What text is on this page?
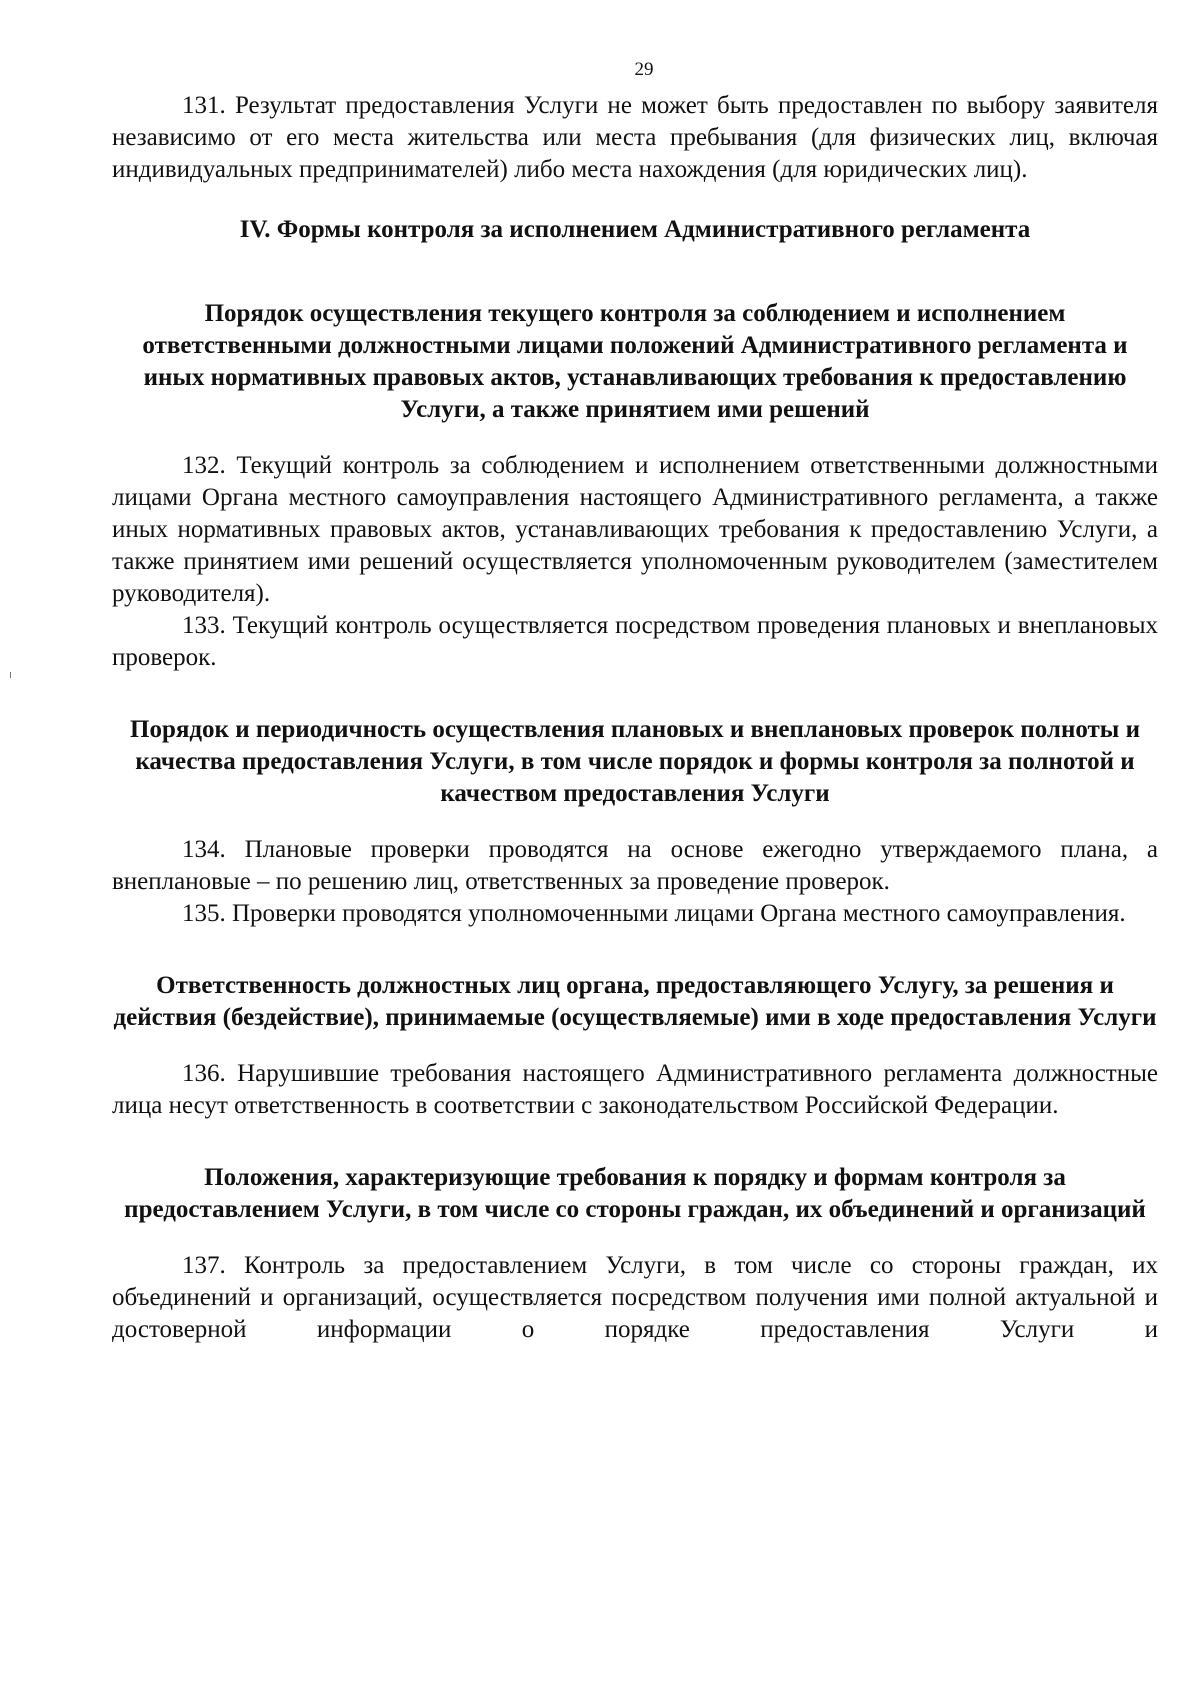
29

131. Результат предоставления Услуги не может быть предоставлен по выбору заявителя независимо от его места жительства или места пребывания (для физических лиц, включая индивидуальных предпринимателей) либо места нахождения (для юридических лиц).

IV. Формы контроля за исполнением Административного регламента
Порядок осуществления текущего контроля за соблюдением и исполнением ответственными должностными лицами положений Административного регламента и иных нормативных правовых актов, устанавливающих требования к предоставлению Услуги, а также принятием ими решений

132. Текущий контроль за соблюдением и исполнением ответственными должностными лицами Органа местного самоуправления настоящего Административного регламента, а также иных нормативных правовых актов, устанавливающих требования к предоставлению Услуги, а также принятием ими решений осуществляется уполномоченным руководителем (заместителем руководителя).

133. Текущий контроль осуществляется посредством проведения плановых и внеплановых проверок.

Порядок и периодичность осуществления плановых и внеплановых проверок полноты и качества предоставления Услуги, в том числе порядок и формы контроля за полнотой и качеством предоставления Услуги

134. Плановые проверки проводятся на основе ежегодно утверждаемого плана, а внеплановые – по решению лиц, ответственных за проведение проверок.

135. Проверки проводятся уполномоченными лицами Органа местного самоуправления.

Ответственность должностных лиц органа, предоставляющего Услугу, за решения и действия (бездействие), принимаемые (осуществляемые) ими в ходе предоставления Услуги

136. Нарушившие требования настоящего Административного регламента должностные лица несут ответственность в соответствии с законодательством Российской Федерации.

Положения, характеризующие требования к порядку и формам контроля за предоставлением Услуги, в том числе со стороны граждан, их объединений и организаций

137. Контроль за предоставлением Услуги, в том числе со стороны граждан, их объединений и организаций, осуществляется посредством получения ими полной актуальной и достоверной информации о порядке предоставления Услуги и
